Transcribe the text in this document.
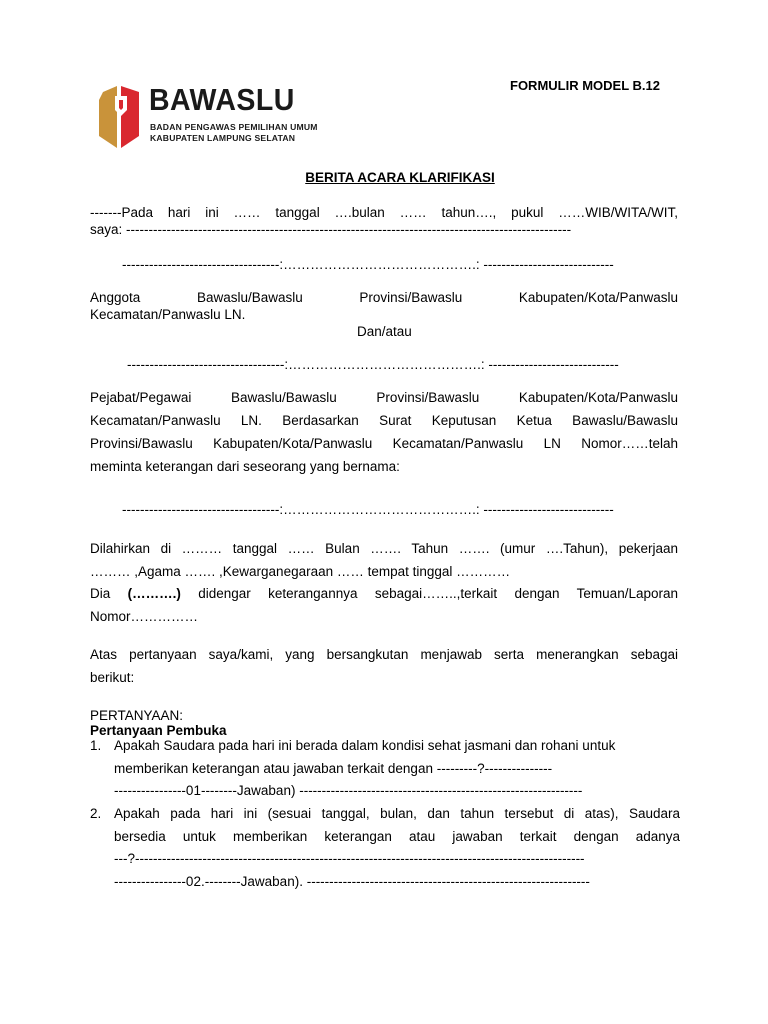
BAWASLU
BADAN PENGAWAS PEMILIHAN UMUM
KABUPATEN LAMPUNG SELATAN
FORMULIR MODEL B.12
BERITA ACARA KLARIFIKASI
-------Pada hari ini …… tanggal ….bulan …… tahun…., pukul ……WIB/WITA/WIT,
saya: ---------------------------------------------------------------------------------------------------
-----------------------------------:…………………………………….: -----------------------------
Anggota Bawaslu/Bawaslu Provinsi/Bawaslu Kabupaten/Kota/Panwaslu
Kecamatan/Panwaslu LN.
Dan/atau
-----------------------------------:…………………………………….: -----------------------------
Pejabat/Pegawai Bawaslu/Bawaslu Provinsi/Bawaslu Kabupaten/Kota/Panwaslu
Kecamatan/Panwaslu LN. Berdasarkan Surat Keputusan Ketua Bawaslu/Bawaslu
Provinsi/Bawaslu Kabupaten/Kota/Panwaslu Kecamatan/Panwaslu LN Nomor……telah
meminta keterangan dari seseorang yang bernama:
-----------------------------------:…………………………………….: -----------------------------
Dilahirkan di ……… tanggal …… Bulan ……. Tahun ……. (umur ….Tahun), pekerjaan
……… ,Agama ……. ,Kewarganegaraan …… tempat tinggal …………
Dia (……….) didengar keterangannya sebagai……..,terkait dengan Temuan/Laporan
Nomor……………
Atas pertanyaan saya/kami, yang bersangkutan menjawab serta menerangkan sebagai
berikut:
PERTANYAAN:
Pertanyaan Pembuka
1. Apakah Saudara pada hari ini berada dalam kondisi sehat jasmani dan rohani untuk
memberikan keterangan atau jawaban terkait dengan ---------?---------------
----------------01--------Jawaban) ---------------------------------------------------------------
2. Apakah pada hari ini (sesuai tanggal, bulan, dan tahun tersebut di atas), Saudara
bersedia untuk memberikan keterangan atau jawaban terkait dengan adanya
---?----------------------------------------------------------------------------------------------------
----------------02.--------Jawaban). ---------------------------------------------------------------
